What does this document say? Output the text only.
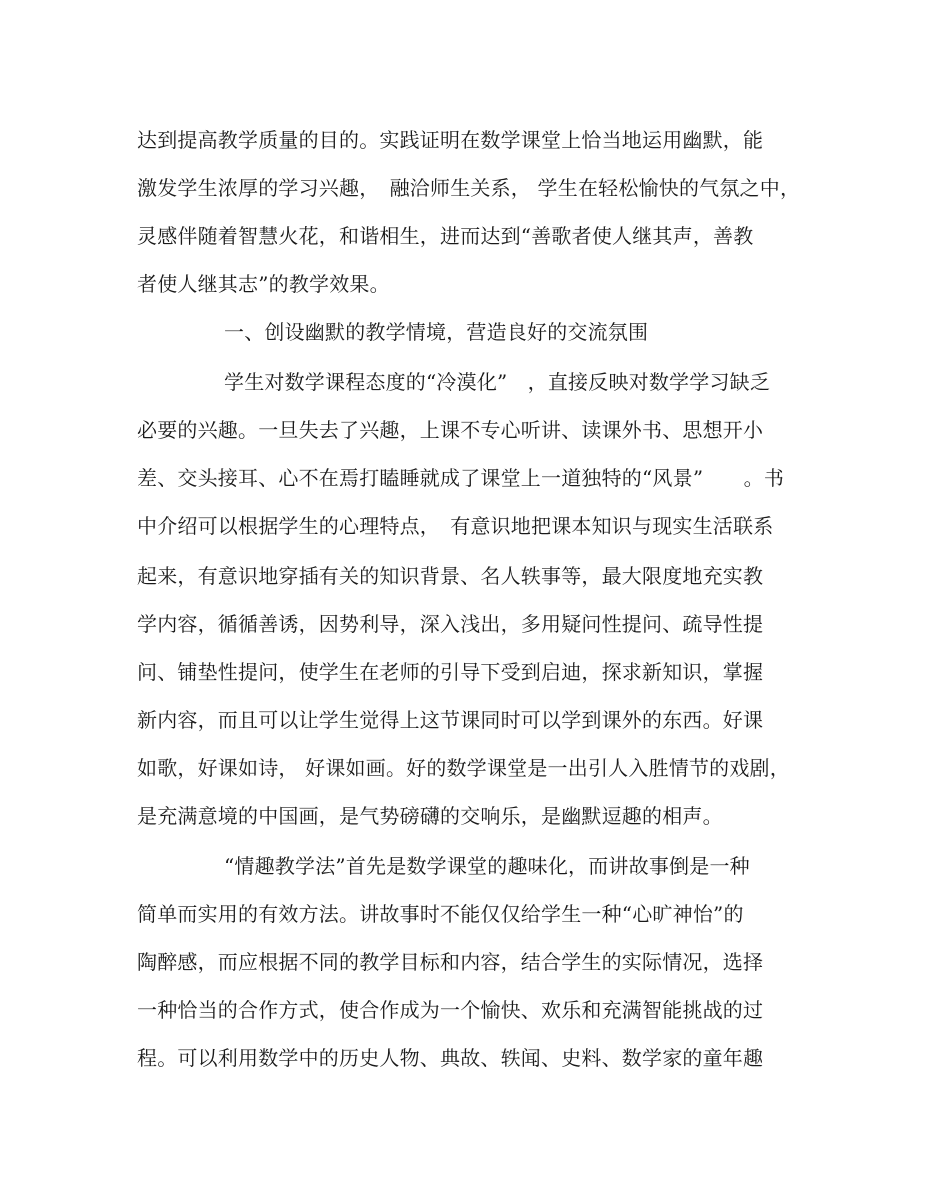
达到提高教学质量的目的。实践证明在数学课堂上恰当地运用幽默，能
激发学生浓厚的学习兴趣，　融洽师生关系， 学生在轻松愉快的气氛之中，
灵感伴随着智慧火花，和谐相生，进而达到“善歌者使人继其声，善教
者使人继其志”的教学效果。
一、创设幽默的教学情境，营造良好的交流氛围
学生对数学课程态度的“冷漠化”　，直接反映对数学学习缺乏
必要的兴趣。一旦失去了兴趣，上课不专心听讲、读课外书、思想开小
差、交头接耳、心不在焉打瞌睡就成了课堂上一道独特的“风景”　　。书
中介绍可以根据学生的心理特点，　有意识地把课本知识与现实生活联系
起来，有意识地穿插有关的知识背景、名人轶事等，最大限度地充实教
学内容，循循善诱，因势利导，深入浅出，多用疑问性提问、疏导性提
问、铺垫性提问，使学生在老师的引导下受到启迪，探求新知识，掌握
新内容，而且可以让学生觉得上这节课同时可以学到课外的东西。好课
如歌，好课如诗， 好课如画。好的数学课堂是一出引人入胜情节的戏剧，
是充满意境的中国画，是气势磅礴的交响乐，是幽默逗趣的相声。
“情趣教学法”首先是数学课堂的趣味化，而讲故事倒是一种
简单而实用的有效方法。讲故事时不能仅仅给学生一种“心旷神怡”的
陶醉感，而应根据不同的教学目标和内容，结合学生的实际情况，选择
一种恰当的合作方式，使合作成为一个愉快、欢乐和充满智能挑战的过
程。可以利用数学中的历史人物、典故、轶闻、史料、数学家的童年趣
